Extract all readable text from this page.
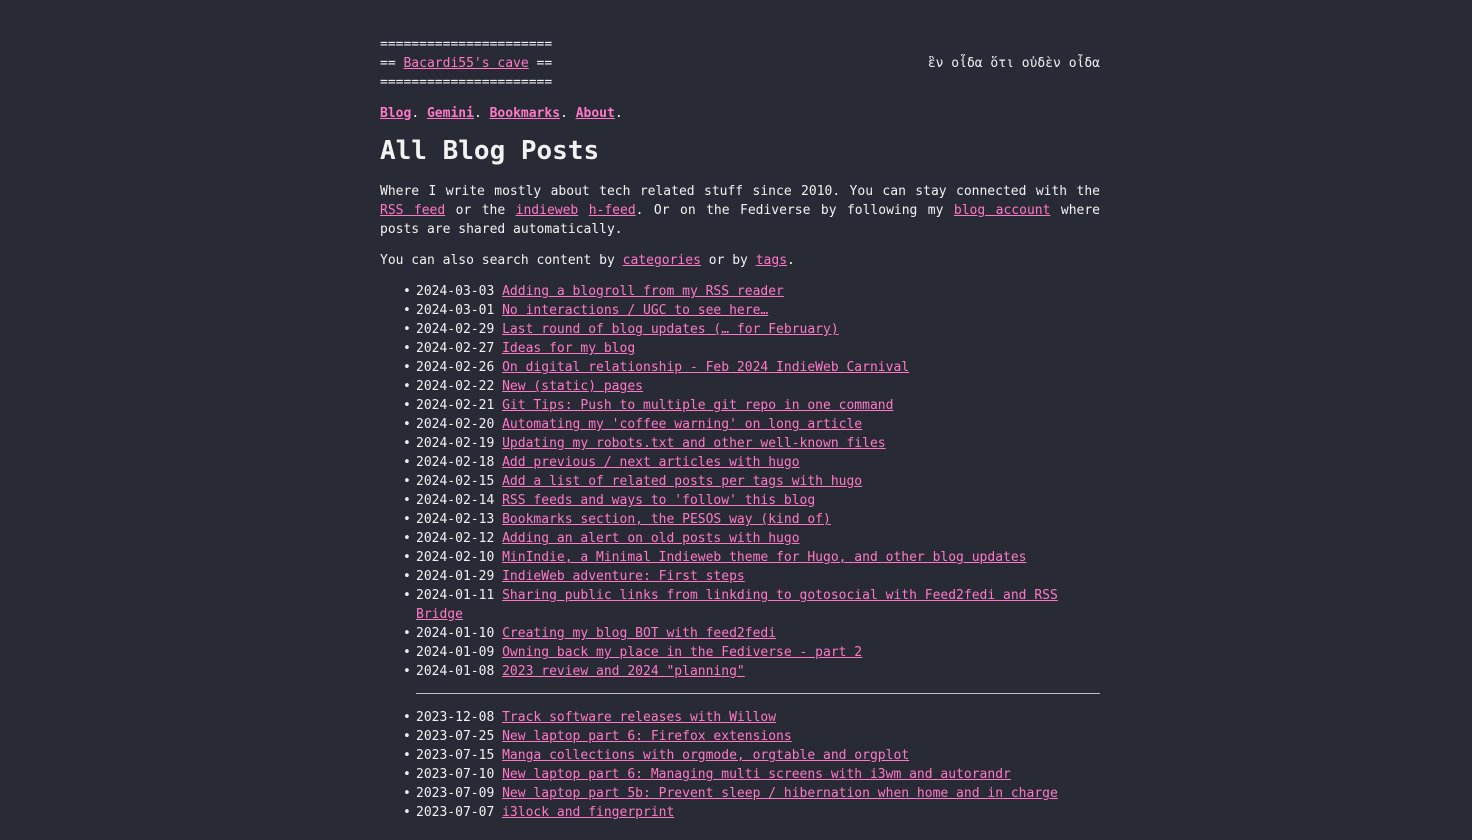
======================
== Bacardi55's cave ==
======================
ἓν οἶδα ὅτι οὐδὲν οἶδα
Blog. Gemini. Bookmarks. About.
All Blog Posts

Where I write mostly about tech related stuff since 2010. You can stay connected with the RSS feed or the indieweb h-feed. Or on the Fediverse by following my blog account where posts are shared automatically.

You can also search content by categories or by tags.

• 2024-03-03 Adding a blogroll from my RSS reader
• 2024-03-01 No interactions / UGC to see here…
• 2024-02-29 Last round of blog updates (… for February)
• 2024-02-27 Ideas for my blog
• 2024-02-26 On digital relationship - Feb 2024 IndieWeb Carnival
• 2024-02-22 New (static) pages
• 2024-02-21 Git Tips: Push to multiple git repo in one command
• 2024-02-20 Automating my 'coffee warning' on long article
• 2024-02-19 Updating my robots.txt and other well-known files
• 2024-02-18 Add previous / next articles with hugo
• 2024-02-15 Add a list of related posts per tags with hugo
• 2024-02-14 RSS feeds and ways to 'follow' this blog
• 2024-02-13 Bookmarks section, the PESOS way (kind of)
• 2024-02-12 Adding an alert on old posts with hugo
• 2024-02-10 MinIndie, a Minimal Indieweb theme for Hugo, and other blog updates
• 2024-01-29 IndieWeb adventure: First steps
• 2024-01-11 Sharing public links from linkding to gotosocial with Feed2fedi and RSS Bridge
• 2024-01-10 Creating my blog BOT with feed2fedi
• 2024-01-09 Owning back my place in the Fediverse - part 2
• 2024-01-08 2023 review and 2024 "planning"
• 2023-12-08 Track software releases with Willow
• 2023-07-25 New laptop part 6: Firefox extensions
• 2023-07-15 Manga collections with orgmode, orgtable and orgplot
• 2023-07-10 New laptop part 6: Managing multi screens with i3wm and autorandr
• 2023-07-09 New laptop part 5b: Prevent sleep / hibernation when home and in charge
• 2023-07-07 i3lock and fingerprint
